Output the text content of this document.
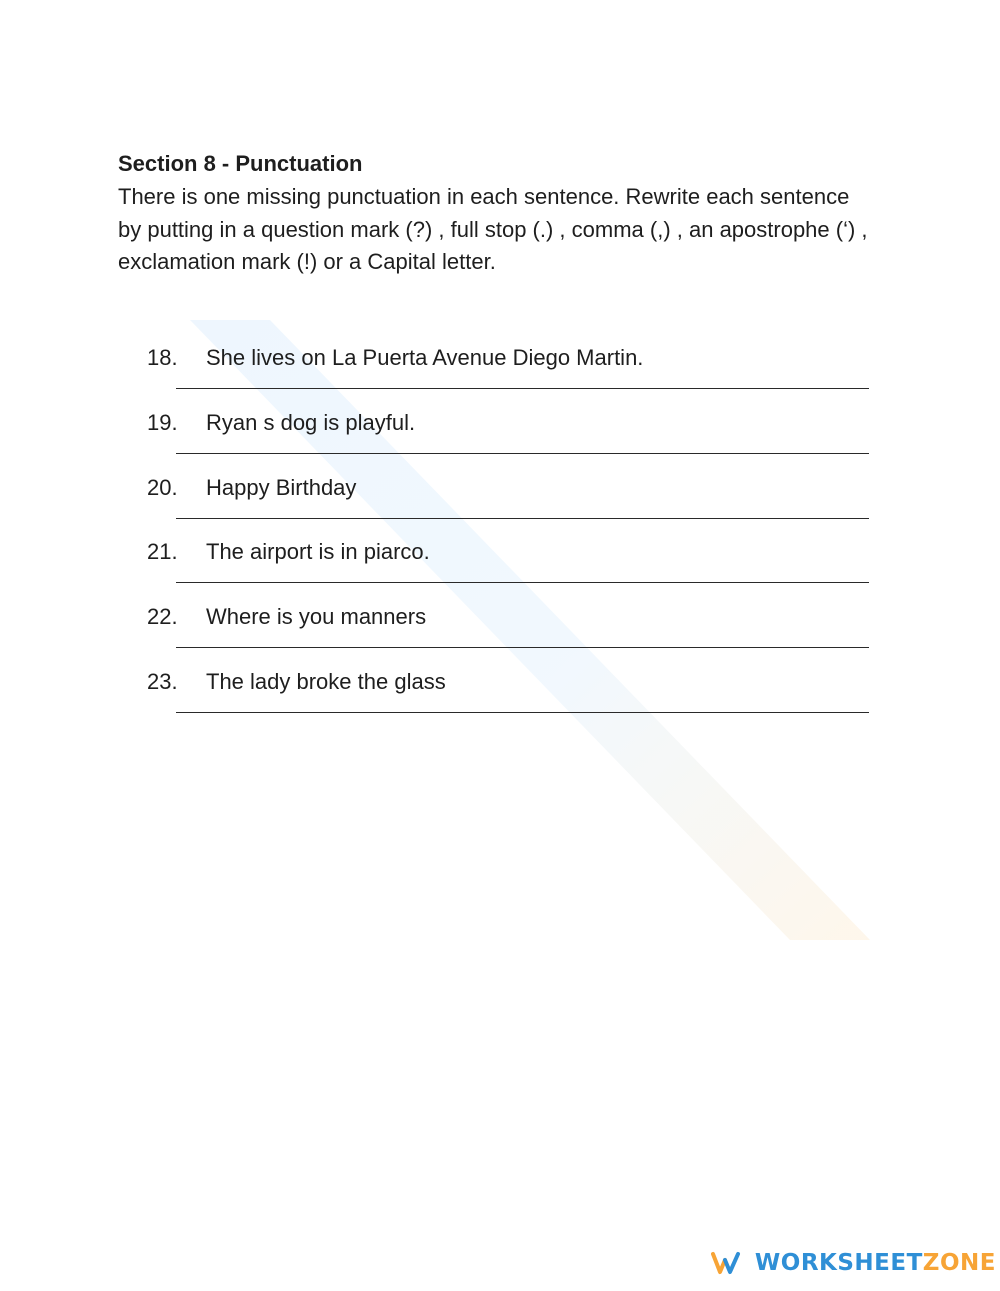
Section 8 - Punctuation

There is one missing punctuation in each sentence. Rewrite each sentence by putting in a question mark (?) , full stop (.) , comma (,) , an apostrophe (‘) , exclamation mark (!) or a Capital letter.

18. She lives on La Puerta Avenue Diego Martin.
19. Ryan s dog is playful.
20. Happy Birthday
21. The airport is in piarco.
22. Where is you manners
23. The lady broke the glass
WORKSHEETZONE
